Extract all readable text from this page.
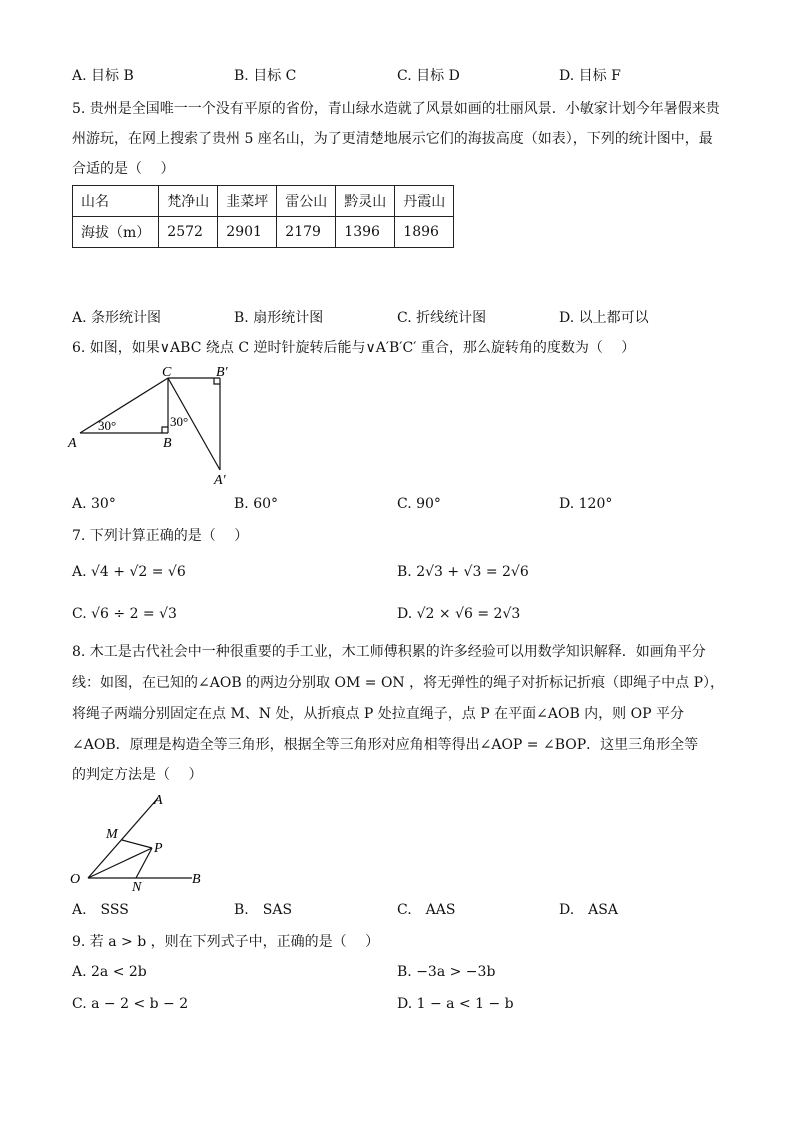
A. 目标 B	B. 目标 C	C. 目标 D	D. 目标 F
5. 贵州是全国唯一一个没有平原的省份，青山绿水造就了风景如画的壮丽风景．小敏家计划今年暑假来贵
州游玩，在网上搜索了贵州 5 座名山，为了更清楚地展示它们的海拔高度（如表），下列的统计图中，最
合适的是（　 ）
山名	梵净山	韭菜坪	雷公山	黔灵山	丹霞山
海拔（m）	2572	2901	2179	1396	1896
A. 条形统计图	B. 扇形统计图	C. 折线统计图	D. 以上都可以
6. 如图，如果∨ABC 绕点 C 逆时针旋转后能与∨A′B′C′ 重合，那么旋转角的度数为（　 ）
A	B
C	B′
A′
30°	30°
A. 30°	B. 60°	C. 90°	D. 120°
7. 下列计算正确的是（　 ）
A. √4 + √2 = √6	B. 2√3 + √3 = 2√6
C. √6 ÷ 2 = √3	D. √2 × √6 = 2√3
8. 木工是古代社会中一种很重要的手工业，木工师傅积累的许多经验可以用数学知识解释．如画角平分
线：如图，在已知的∠AOB 的两边分别取 OM = ON ，将无弹性的绳子对折标记折痕（即绳子中点 P），
将绳子两端分别固定在点 M、N 处，从折痕点 P 处拉直绳子，点 P 在平面∠AOB 内，则 OP 平分
∠AOB．原理是构造全等三角形，根据全等三角形对应角相等得出∠AOP = ∠BOP．这里三角形全等
的判定方法是（　 ）
O
A
B
M
N
P
A.　SSS	B.　SAS	C.　AAS	D.　ASA
9. 若 a > b ，则在下列式子中，正确的是（　 ）
A. 2a < 2b	B. −3a > −3b
C. a − 2 < b − 2	D. 1 − a < 1 − b
